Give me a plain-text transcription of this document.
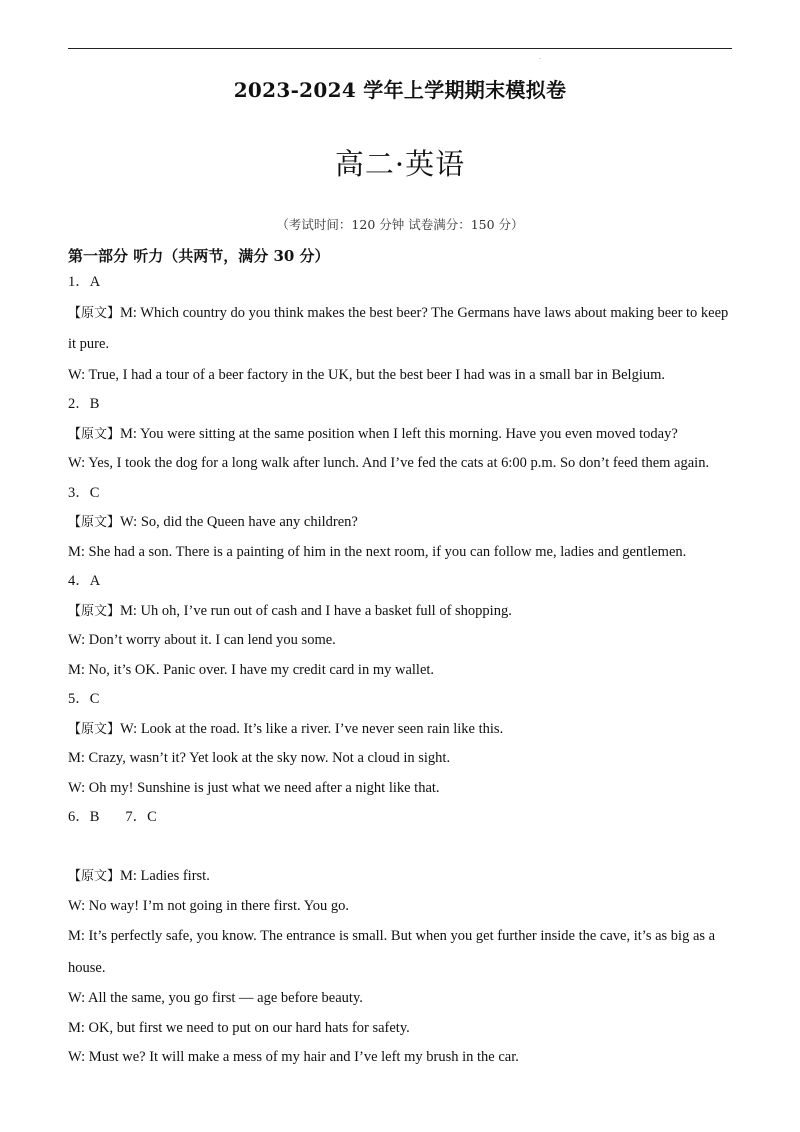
·
2023-2024 学年上学期期末模拟卷
高二·英语
（考试时间：120 分钟 试卷满分：150 分）
第一部分 听力（共两节，满分 30 分）
1．A
【原文】M: Which country do you think makes the best beer? The Germans have laws about making beer to keep it pure.
W: True, I had a tour of a beer factory in the UK, but the best beer I had was in a small bar in Belgium.
2．B
【原文】M: You were sitting at the same position when I left this morning. Have you even moved today?
W: Yes, I took the dog for a long walk after lunch. And I’ve fed the cats at 6:00 p.m. So don’t feed them again.
3．C
【原文】W: So, did the Queen have any children?
M: She had a son. There is a painting of him in the next room, if you can follow me, ladies and gentlemen.
4．A
【原文】M: Uh oh, I’ve run out of cash and I have a basket full of shopping.
W: Don’t worry about it. I can lend you some.
M: No, it’s OK. Panic over. I have my credit card in my wallet.
5．C
【原文】W: Look at the road. It’s like a river. I’ve never seen rain like this.
M: Crazy, wasn’t it? Yet look at the sky now. Not a cloud in sight.
W: Oh my! Sunshine is just what we need after a night like that.
6．B 7．C
【原文】M: Ladies first.
W: No way! I’m not going in there first. You go.
M: It’s perfectly safe, you know. The entrance is small. But when you get further inside the cave, it’s as big as a house.
W: All the same, you go first — age before beauty.
M: OK, but first we need to put on our hard hats for safety.
W: Must we? It will make a mess of my hair and I’ve left my brush in the car.
